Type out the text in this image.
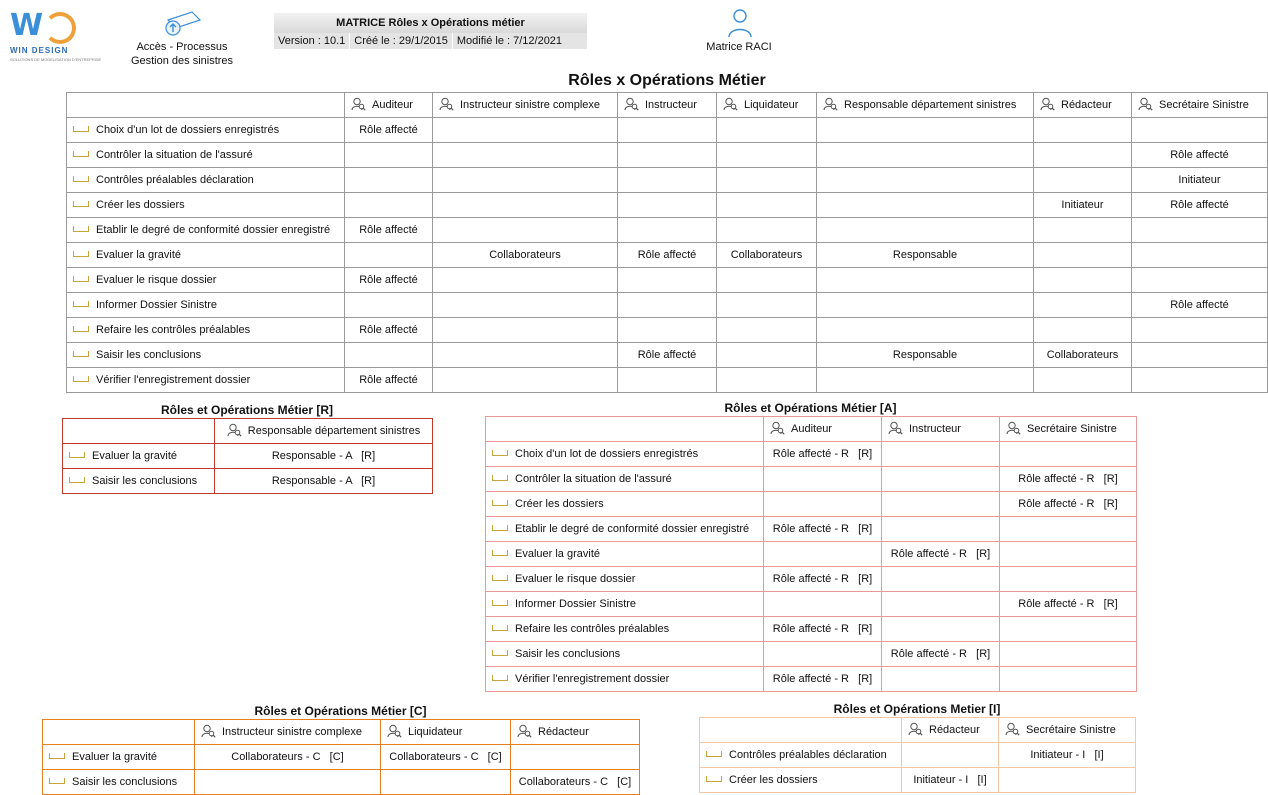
W
WIN DESIGN
SOLUTIONS DE MODELISATION D'ENTREPRISE
Accès - Processus
Gestion des sinistres
MATRICE Rôles x Opérations métier
Version : 10.1 Créé le : 29/1/2015 Modifié le : 7/12/2021	Matrice RACI
Rôles x Opérations Métier
	Auditeur	Instructeur sinistre complexe	Instructeur	Liquidateur	Responsable département sinistres	Rédacteur	Secrétaire Sinistre
Choix d'un lot de dossiers enregistrés	Rôle affecté						
Contrôler la situation de l'assuré							Rôle affecté
Contrôles préalables déclaration							Initiateur
Créer les dossiers						Initiateur	Rôle affecté
Etablir le degré de conformité dossier enregistré	Rôle affecté						
Evaluer la gravité		Collaborateurs	Rôle affecté	Collaborateurs	Responsable		
Evaluer le risque dossier	Rôle affecté						
Informer Dossier Sinistre							Rôle affecté
Refaire les contrôles préalables	Rôle affecté						
Saisir les conclusions			Rôle affecté		Responsable	Collaborateurs	
Vérifier l'enregistrement dossier	Rôle affecté						
Rôles et Opérations Métier [R]
	Responsable département sinistres
Evaluer la gravité	Responsable - A   [R]
Saisir les conclusions	Responsable - A   [R]
Rôles et Opérations Métier [A]
	Auditeur	Instructeur	Secrétaire Sinistre
Choix d'un lot de dossiers enregistrés	Rôle affecté - R   [R]		
Contrôler la situation de l'assuré			Rôle affecté - R   [R]
Créer les dossiers			Rôle affecté - R   [R]
Etablir le degré de conformité dossier enregistré	Rôle affecté - R   [R]		
Evaluer la gravité		Rôle affecté - R   [R]	
Evaluer le risque dossier	Rôle affecté - R   [R]		
Informer Dossier Sinistre			Rôle affecté - R   [R]
Refaire les contrôles préalables	Rôle affecté - R   [R]		
Saisir les conclusions		Rôle affecté - R   [R]	
Vérifier l'enregistrement dossier	Rôle affecté - R   [R]		
Rôles et Opérations Métier [C]
	Instructeur sinistre complexe	Liquidateur	Rédacteur
Evaluer la gravité	Collaborateurs - C   [C]	Collaborateurs - C   [C]	
Saisir les conclusions			Collaborateurs - C   [C]
Rôles et Opérations Metier [I]
	Rédacteur	Secrétaire Sinistre
Contrôles préalables déclaration		Initiateur - I   [I]
Créer les dossiers	Initiateur - I   [I]	
